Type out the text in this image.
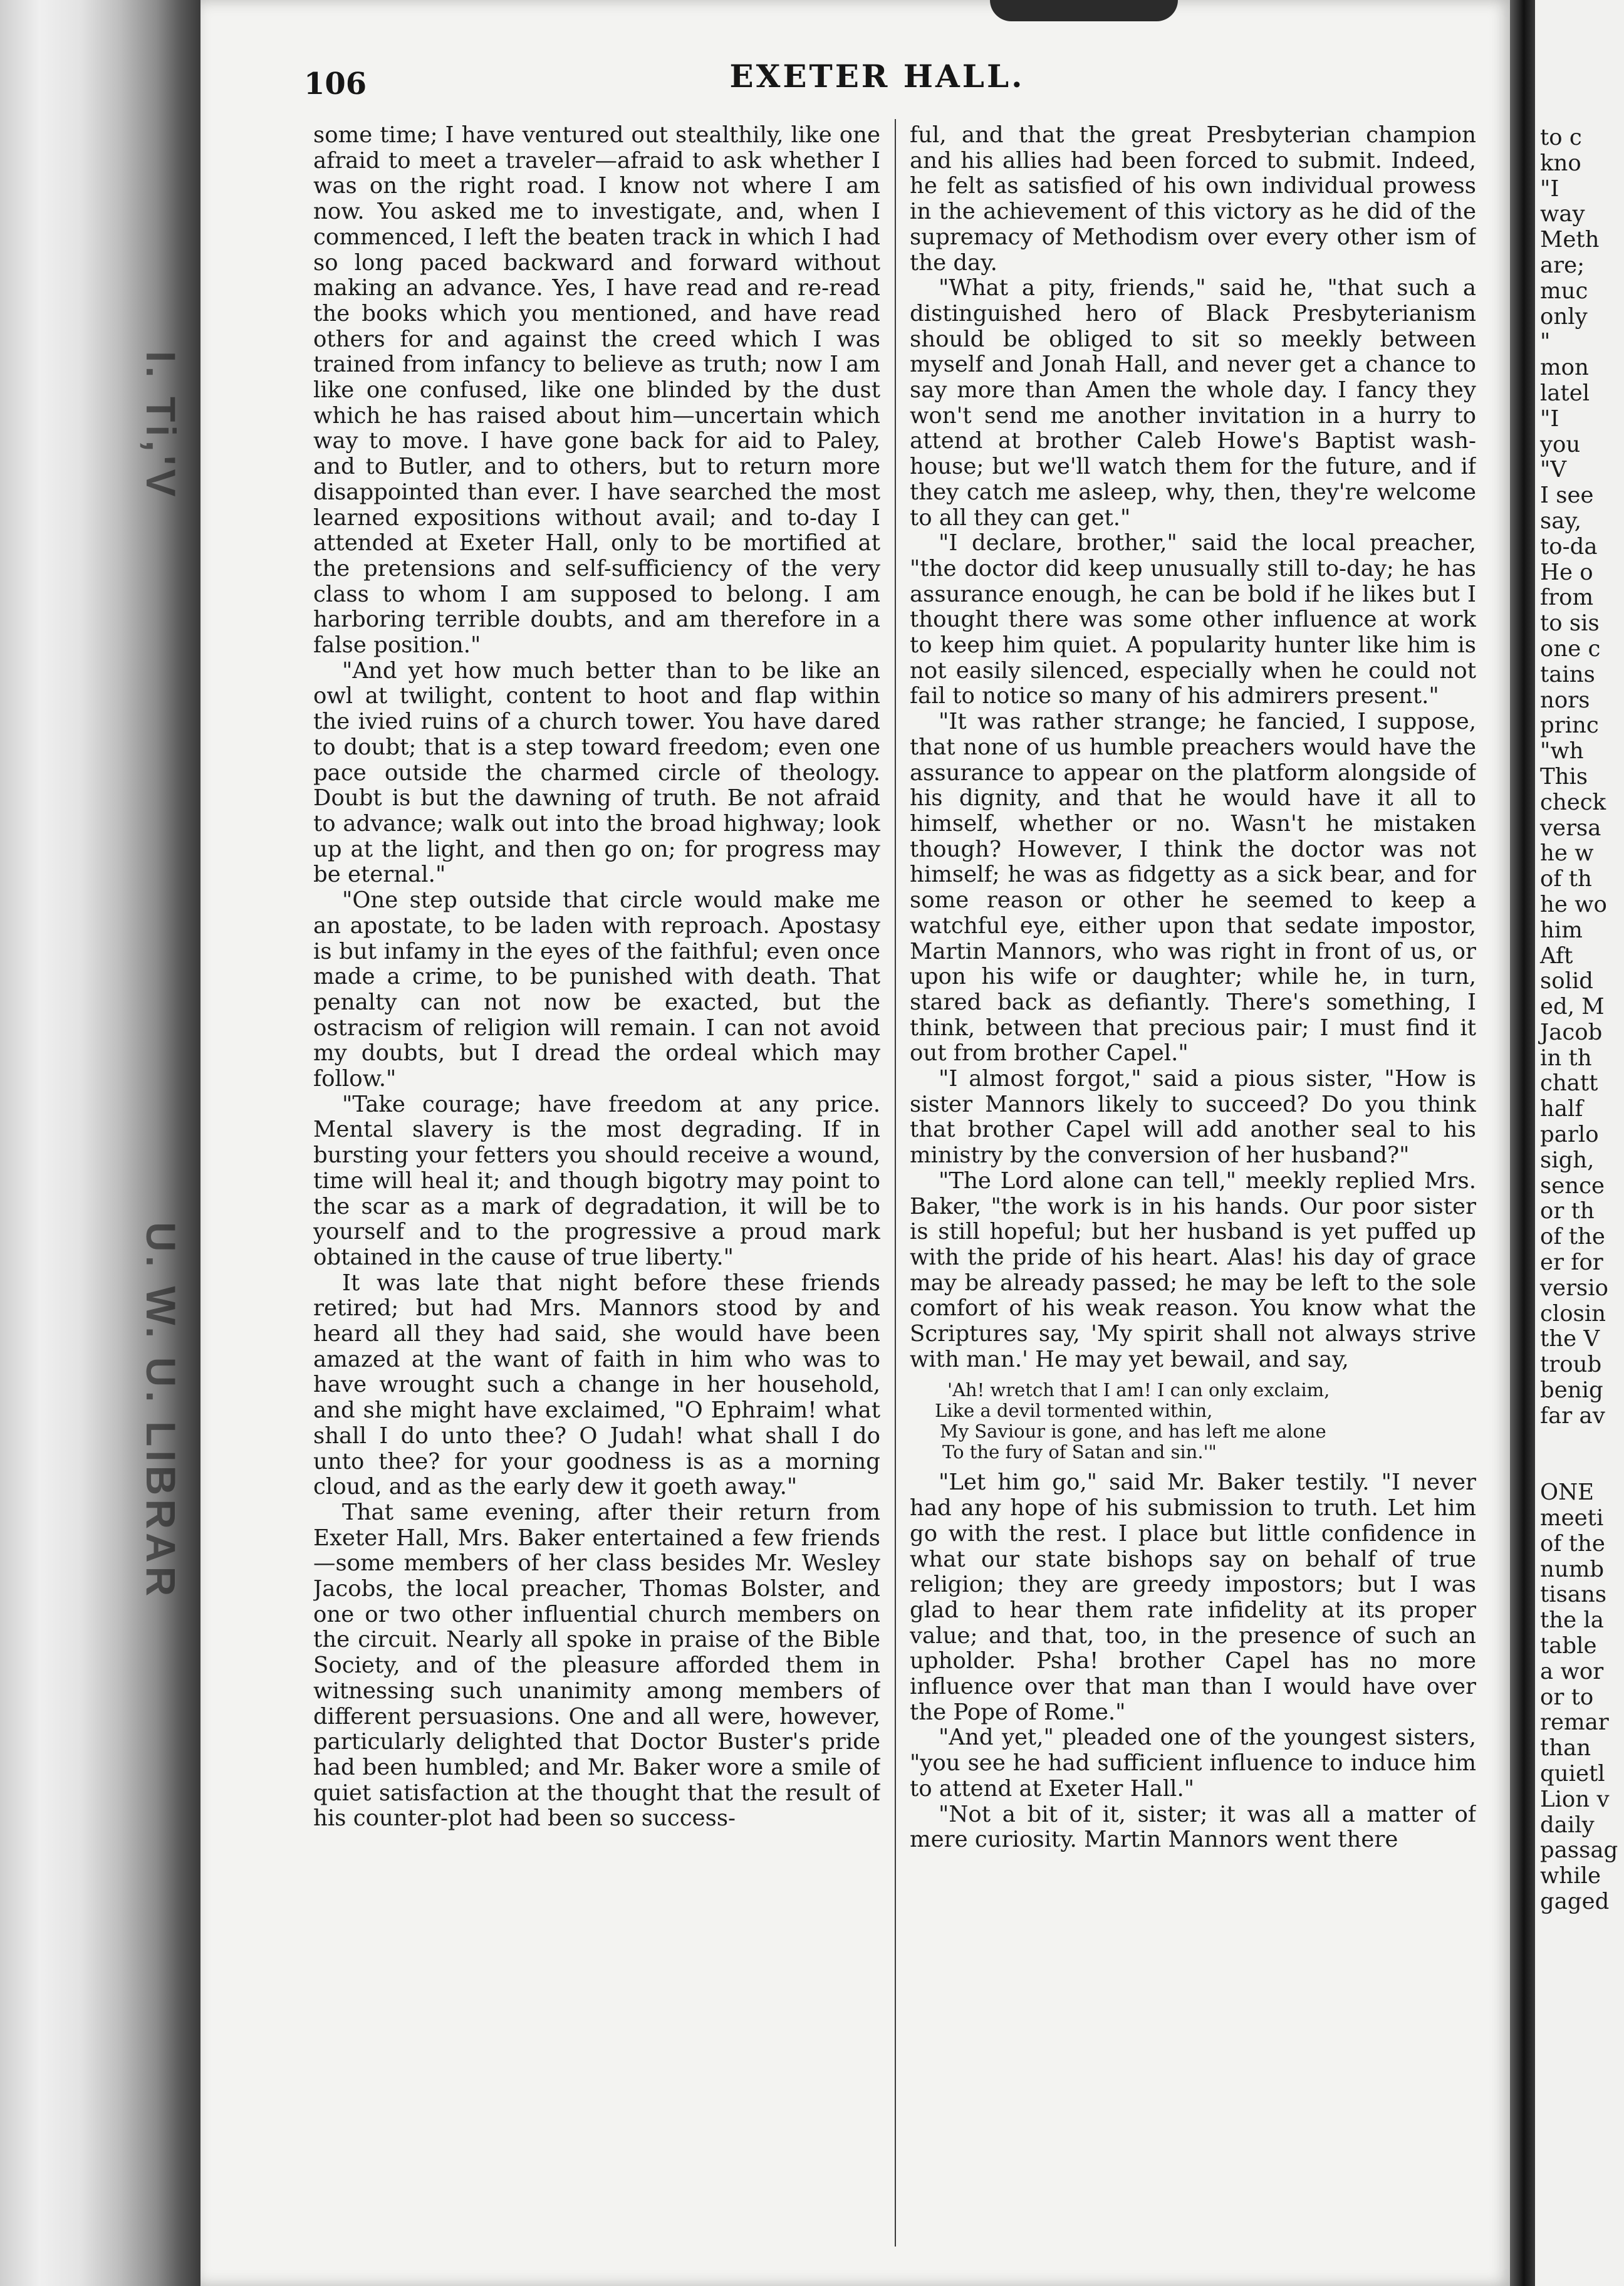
I. Ti,'V
U. W. U. LIBRAR
106	EXETER HALL.

some time; I have ventured out stealthily, like one afraid to meet a traveler—afraid to ask whether I was on the right road. I know not where I am now. You asked me to investigate, and, when I commenced, I left the beaten track in which I had so long paced backward and forward without making an advance. Yes, I have read and re-read the books which you mentioned, and have read others for and against the creed which I was trained from infancy to believe as truth; now I am like one confused, like one blinded by the dust which he has raised about him—uncertain which way to move. I have gone back for aid to Paley, and to Butler, and to others, but to return more disappointed than ever. I have searched the most learned expositions without avail; and to-day I attended at Exeter Hall, only to be mortified at the pretensions and self-sufficiency of the very class to whom I am supposed to belong. I am harboring terrible doubts, and am therefore in a false position."

"And yet how much better than to be like an owl at twilight, content to hoot and flap within the ivied ruins of a church tower. You have dared to doubt; that is a step toward freedom; even one pace outside the charmed circle of theology. Doubt is but the dawning of truth. Be not afraid to advance; walk out into the broad highway; look up at the light, and then go on; for progress may be eternal."

"One step outside that circle would make me an apostate, to be laden with reproach. Apostasy is but infamy in the eyes of the faithful; even once made a crime, to be punished with death. That penalty can not now be exacted, but the ostracism of religion will remain. I can not avoid my doubts, but I dread the ordeal which may follow."

"Take courage; have freedom at any price. Mental slavery is the most degrading. If in bursting your fetters you should receive a wound, time will heal it; and though bigotry may point to the scar as a mark of degradation, it will be to yourself and to the progressive a proud mark obtained in the cause of true liberty."

It was late that night before these friends retired; but had Mrs. Mannors stood by and heard all they had said, she would have been amazed at the want of faith in him who was to have wrought such a change in her household, and she might have exclaimed, "O Ephraim! what shall I do unto thee? O Judah! what shall I do unto thee? for your goodness is as a morning cloud, and as the early dew it goeth away."

That same evening, after their return from Exeter Hall, Mrs. Baker entertained a few friends—some members of her class besides Mr. Wesley Jacobs, the local preacher, Thomas Bolster, and one or two other influential church members on the circuit. Nearly all spoke in praise of the Bible Society, and of the pleasure afforded them in witnessing such unanimity among members of different persuasions. One and all were, however, particularly delighted that Doctor Buster's pride had been humbled; and Mr. Baker wore a smile of quiet satisfaction at the thought that the result of his counter-plot had been so success-

ful, and that the great Presbyterian champion and his allies had been forced to submit. Indeed, he felt as satisfied of his own individual prowess in the achievement of this victory as he did of the supremacy of Methodism over every other ism of the day.

"What a pity, friends," said he, "that such a distinguished hero of Black Presbyterianism should be obliged to sit so meekly between myself and Jonah Hall, and never get a chance to say more than Amen the whole day. I fancy they won't send me another invitation in a hurry to attend at brother Caleb Howe's Baptist wash-house; but we'll watch them for the future, and if they catch me asleep, why, then, they're welcome to all they can get."

"I declare, brother," said the local preacher, "the doctor did keep unusually still to-day; he has assurance enough, he can be bold if he likes but I thought there was some other influence at work to keep him quiet. A popularity hunter like him is not easily silenced, especially when he could not fail to notice so many of his admirers present."

"It was rather strange; he fancied, I suppose, that none of us humble preachers would have the assurance to appear on the platform alongside of his dignity, and that he would have it all to himself, whether or no. Wasn't he mistaken though? However, I think the doctor was not himself; he was as fidgetty as a sick bear, and for some reason or other he seemed to keep a watchful eye, either upon that sedate impostor, Martin Mannors, who was right in front of us, or upon his wife or daughter; while he, in turn, stared back as defiantly. There's something, I think, between that precious pair; I must find it out from brother Capel."

"I almost forgot," said a pious sister, "How is sister Mannors likely to succeed? Do you think that brother Capel will add another seal to his ministry by the conversion of her husband?"

"The Lord alone can tell," meekly replied Mrs. Baker, "the work is in his hands. Our poor sister is still hopeful; but her husband is yet puffed up with the pride of his heart. Alas! his day of grace may be already passed; he may be left to the sole comfort of his weak reason. You know what the Scriptures say, 'My spirit shall not always strive with man.' He may yet bewail, and say,

'Ah! wretch that I am! I can only exclaim,
Like a devil tormented within,
My Saviour is gone, and has left me alone
To the fury of Satan and sin.'"

"Let him go," said Mr. Baker testily. "I never had any hope of his submission to truth. Let him go with the rest. I place but little confidence in what our state bishops say on behalf of true religion; they are greedy impostors; but I was glad to hear them rate infidelity at its proper value; and that, too, in the presence of such an upholder. Psha! brother Capel has no more influence over that man than I would have over the Pope of Rome."

"And yet," pleaded one of the youngest sisters, "you see he had sufficient influence to induce him to attend at Exeter Hall."

"Not a bit of it, sister; it was all a matter of mere curiosity. Martin Mannors went there

to c
kno
"I
way
Meth
are;
muc
only
"
mon
latel
"I
you
"V
I see
say,
to-da
He o
from
to sis
one c
tains
nors
princ
"wh
This
check
versa
he w
of th
he wo
him
Aft
solid
ed, M
Jacob
in th
chatt
half
parlo
sigh,
sence
or th
of the
er for
versio
closin
the V
troub
benig
far av

ONE
meeti
of the
numb
tisans
the la
table
a wor
or to
remar
than
quietl
Lion v
daily
passag
while
gaged
